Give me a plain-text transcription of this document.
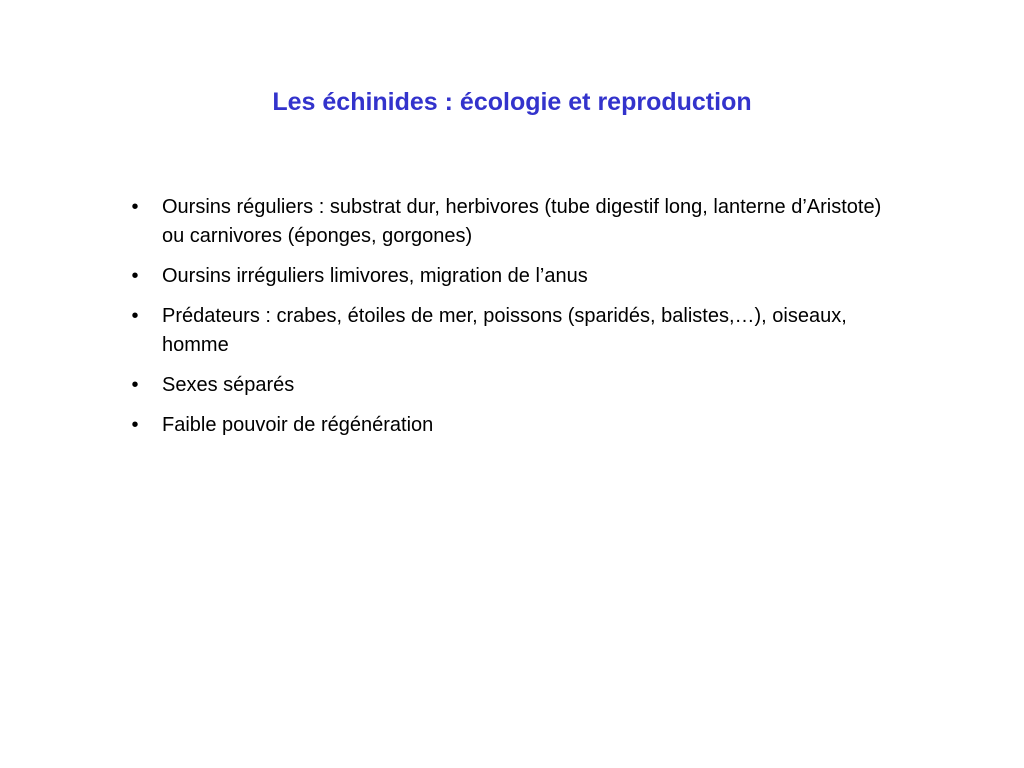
Les échinides : écologie et reproduction
• Oursins réguliers : substrat dur, herbivores (tube digestif long, lanterne d’Aristote) ou carnivores (éponges, gorgones)
• Oursins irréguliers limivores, migration de l’anus
• Prédateurs : crabes, étoiles de mer, poissons (sparidés, balistes,…), oiseaux, homme
• Sexes séparés
• Faible pouvoir de régénération
